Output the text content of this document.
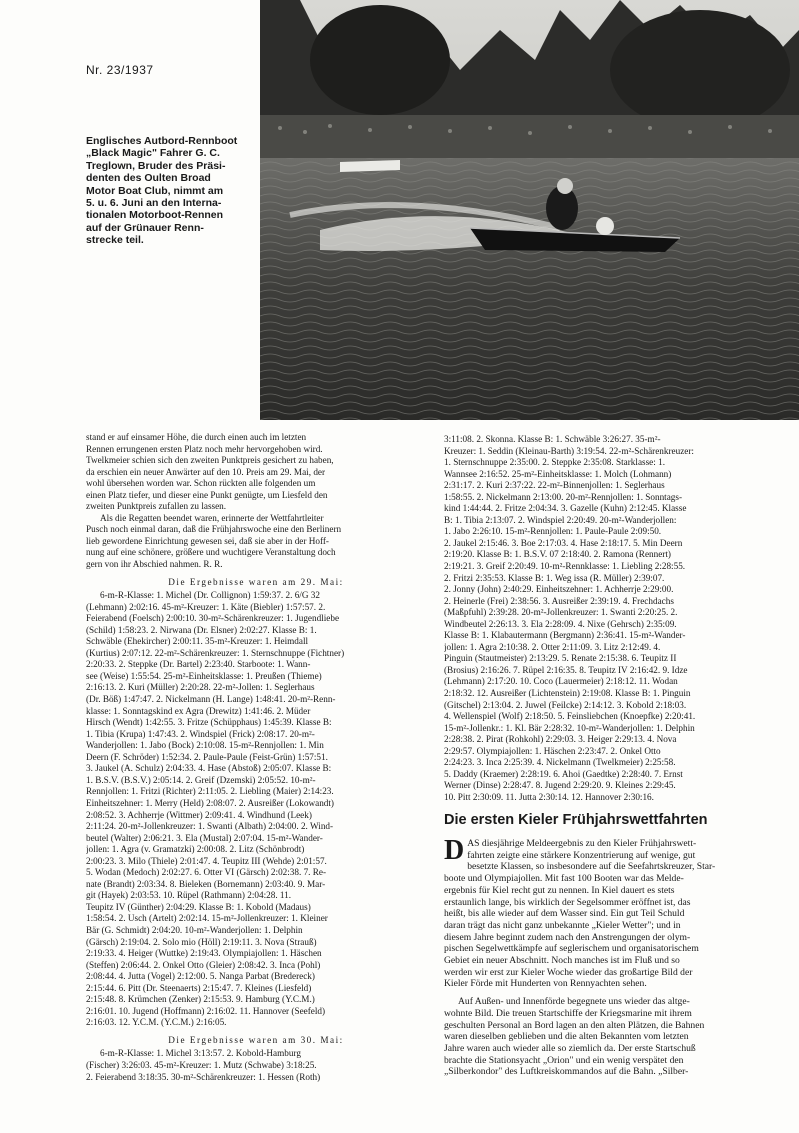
Nr. 23/1937
Englisches Autbord-Rennboot
„Black Magic" Fahrer G. C.
Treglown, Bruder des Präsi-
denten des Oulten Broad
Motor Boat Club, nimmt am
5. u. 6. Juni an den Interna-
tionalen Motorboot-Rennen
auf der Grünauer Renn-
strecke teil.
stand er auf einsamer Höhe, die durch einen auch im letzten
Rennen errungenen ersten Platz noch mehr hervorgehoben wird.
Twelkmeier schien sich den zweiten Punktpreis gesichert zu haben,
da erschien ein neuer Anwärter auf den 10. Preis am 29. Mai, der
wohl übersehen worden war. Schon rückten alle folgenden um
einen Platz tiefer, und dieser eine Punkt genügte, um Liesfeld den
zweiten Punktpreis zufallen zu lassen.
Als die Regatten beendet waren, erinnerte der Wettfahrtleiter
Pusch noch einmal daran, daß die Frühjahrswoche eine den Berlinern
lieb gewordene Einrichtung gewesen sei, daß sie aber in der Hoff-
nung auf eine schönere, größere und wuchtigere Veranstaltung doch
gern von ihr Abschied nahmen. R. R.
Die Ergebnisse waren am 29. Mai:
6-m-R-Klasse: 1. Michel (Dr. Collignon) 1:59:37. 2. 6/G 32
(Lehmann) 2:02:16. 45-m²-Kreuzer: 1. Käte (Biebler) 1:57:57. 2.
Feierabend (Foelsch) 2:00:10. 30-m²-Schärenkreuzer: 1. Jugendliebe
(Schild) 1:58:23. 2. Nirwana (Dr. Elsner) 2:02:27. Klasse B: 1.
Schwäble (Ehekircher) 2:00:11. 35-m²-Kreuzer: 1. Heimdall
(Kurtius) 2:07:12. 22-m²-Schärenkreuzer: 1. Sternschnuppe (Fichtner)
2:20:33. 2. Steppke (Dr. Bartel) 2:23:40. Starboote: 1. Wann-
see (Weise) 1:55:54. 25-m²-Einheitsklasse: 1. Preußen (Thieme)
2:16:13. 2. Kuri (Müller) 2:20:28. 22-m²-Jollen: 1. Seglerhaus
(Dr. Böß) 1:47:47. 2. Nickelmann (H. Lange) 1:48:41. 20-m²-Renn-
klasse: 1. Sonntagskind ex Agra (Drewitz) 1:41:46. 2. Müder
Hirsch (Wendt) 1:42:55. 3. Fritze (Schüpphaus) 1:45:39. Klasse B:
1. Tibia (Krupa) 1:47:43. 2. Windspiel (Frick) 2:08:17. 20-m²-
Wanderjollen: 1. Jabo (Bock) 2:10:08. 15-m²-Rennjollen: 1. Min
Deern (F. Schröder) 1:52:34. 2. Paule-Paule (Feist-Grün) 1:57:51.
3. Jaukel (A. Schulz) 2:04:33. 4. Hase (Abstoß) 2:05:07. Klasse B:
1. B.S.V. (B.S.V.) 2:05:14. 2. Greif (Dzemski) 2:05:52. 10-m²-
Rennjollen: 1. Fritzi (Richter) 2:11:05. 2. Liebling (Maier) 2:14:23.
Einheitszehner: 1. Merry (Held) 2:08:07. 2. Ausreißer (Lokowandt)
2:08:52. 3. Achherrje (Wittmer) 2:09:41. 4. Windhund (Leek)
2:11:24. 20-m²-Jollenkreuzer: 1. Swanti (Albath) 2:04:00. 2. Wind-
beutel (Walter) 2:06:21. 3. Ela (Mustal) 2:07:04. 15-m²-Wander-
jollen: 1. Agra (v. Gramatzki) 2:00:08. 2. Litz (Schönbrodt)
2:00:23. 3. Milo (Thiele) 2:01:47. 4. Teupitz III (Wehde) 2:01:57.
5. Wodan (Medoch) 2:02:27. 6. Otter VI (Gärsch) 2:02:38. 7. Re-
nate (Brandt) 2:03:34. 8. Bieleken (Bornemann) 2:03:40. 9. Mar-
git (Hayek) 2:03:53. 10. Rüpel (Rathmann) 2:04:28. 11.
Teupitz IV (Günther) 2:04:29. Klasse B: 1. Kobold (Madaus)
1:58:54. 2. Usch (Artelt) 2:02:14. 15-m²-Jollenkreuzer: 1. Kleiner
Bär (G. Schmidt) 2:04:20. 10-m²-Wanderjollen: 1. Delphin
(Gärsch) 2:19:04. 2. Solo mio (Höll) 2:19:11. 3. Nova (Strauß)
2:19:33. 4. Heiger (Wuttke) 2:19:43. Olympiajollen: 1. Häschen
(Steffen) 2:06:44. 2. Onkel Otto (Gleier) 2:08:42. 3. Inca (Pohl)
2:08:44. 4. Jutta (Vogel) 2:12:00. 5. Nanga Parbat (Bredereck)
2:15:44. 6. Pitt (Dr. Steenaerts) 2:15:47. 7. Kleines (Liesfeld)
2:15:48. 8. Krümchen (Zenker) 2:15:53. 9. Hamburg (Y.C.M.)
2:16:01. 10. Jugend (Hoffmann) 2:16:02. 11. Hannover (Seefeld)
2:16:03. 12. Y.C.M. (Y.C.M.) 2:16:05.
Die Ergebnisse waren am 30. Mai:
6-m-R-Klasse: 1. Michel 3:13:57. 2. Kobold-Hamburg
(Fischer) 3:26:03. 45-m²-Kreuzer: 1. Mutz (Schwabe) 3:18:25.
2. Feierabend 3:18:35. 30-m²-Schärenkreuzer: 1. Hessen (Roth)
3:11:08. 2. Skonna. Klasse B: 1. Schwäble 3:26:27. 35-m²-
Kreuzer: 1. Seddin (Kleinau-Barth) 3:19:54. 22-m²-Schärenkreuzer:
1. Sternschnuppe 2:35:00. 2. Steppke 2:35:08. Starklasse: 1.
Wannsee 2:16:52. 25-m²-Einheitsklasse: 1. Molch (Lohmann)
2:31:17. 2. Kuri 2:37:22. 22-m²-Binnenjollen: 1. Seglerhaus
1:58:55. 2. Nickelmann 2:13:00. 20-m²-Rennjollen: 1. Sonntags-
kind 1:44:44. 2. Fritze 2:04:34. 3. Gazelle (Kuhn) 2:12:45. Klasse
B: 1. Tibia 2:13:07. 2. Windspiel 2:20:49. 20-m²-Wanderjollen:
1. Jabo 2:26:10. 15-m²-Rennjollen: 1. Paule-Paule 2:09:50.
2. Jaukel 2:15:46. 3. Boe 2:17:03. 4. Hase 2:18:17. 5. Min Deern
2:19:20. Klasse B: 1. B.S.V. 07 2:18:40. 2. Ramona (Rennert)
2:19:21. 3. Greif 2:20:49. 10-m²-Rennklasse: 1. Liebling 2:28:55.
2. Fritzi 2:35:53. Klasse B: 1. Weg issa (R. Müller) 2:39:07.
2. Jonny (John) 2:40:29. Einheitszehner: 1. Achherrje 2:29:00.
2. Heinerle (Frei) 2:38:56. 3. Ausreißer 2:39:19. 4. Frechdachs
(Maßpfuhl) 2:39:28. 20-m²-Jollenkreuzer: 1. Swanti 2:20:25. 2.
Windbeutel 2:26:13. 3. Ela 2:28:09. 4. Nixe (Gehrsch) 2:35:09.
Klasse B: 1. Klabautermann (Bergmann) 2:36:41. 15-m²-Wander-
jollen: 1. Agra 2:10:38. 2. Otter 2:11:09. 3. Litz 2:12:49. 4.
Pinguin (Stautmeister) 2:13:29. 5. Renate 2:15:38. 6. Teupitz II
(Brosius) 2:16:26. 7. Rüpel 2:16:35. 8. Teupitz IV 2:16:42. 9. Idze
(Lehmann) 2:17:20. 10. Coco (Lauermeier) 2:18:12. 11. Wodan
2:18:32. 12. Ausreißer (Lichtenstein) 2:19:08. Klasse B: 1. Pinguin
(Gitschel) 2:13:04. 2. Juwel (Feilcke) 2:14:12. 3. Kobold 2:18:03.
4. Wellenspiel (Wolf) 2:18:50. 5. Feinsliebchen (Knoepfke) 2:20:41.
15-m²-Jollenkr.: 1. Kl. Bär 2:28:32. 10-m²-Wanderjollen: 1. Delphin
2:28:38. 2. Pirat (Rohkohl) 2:29:03. 3. Heiger 2:29:13. 4. Nova
2:29:57. Olympiajollen: 1. Häschen 2:23:47. 2. Onkel Otto
2:24:23. 3. Inca 2:25:39. 4. Nickelmann (Twelkmeier) 2:25:58.
5. Daddy (Kraemer) 2:28:19. 6. Ahoi (Gaedtke) 2:28:40. 7. Ernst
Werner (Dinse) 2:28:47. 8. Jugend 2:29:20. 9. Kleines 2:29:45.
10. Pitt 2:30:09. 11. Jutta 2:30:14. 12. Hannover 2:30:16.
Die ersten Kieler Frühjahrswettfahrten
D AS diesjährige Meldeergebnis zu den Kieler Frühjahrswett-
fahrten zeigte eine stärkere Konzentrierung auf wenige, gut
besetzte Klassen, so insbesondere auf die Seefahrtskreuzer, Star-
boote und Olympiajollen. Mit fast 100 Booten war das Melde-
ergebnis für Kiel recht gut zu nennen. In Kiel dauert es stets
erstaunlich lange, bis wirklich der Segelsommer eröffnet ist, das
heißt, bis alle wieder auf dem Wasser sind. Ein gut Teil Schuld
daran trägt das nicht ganz unbekannte „Kieler Wetter"; und in
diesem Jahre beginnt zudem nach den Anstrengungen der olym-
pischen Segelwettkämpfe auf seglerischem und organisatorischem
Gebiet ein neuer Abschnitt. Noch manches ist im Fluß und so
werden wir erst zur Kieler Woche wieder das großartige Bild der
Kieler Förde mit Hunderten von Rennyachten sehen.
Auf Außen- und Innenförde begegnete uns wieder das altge-
wohnte Bild. Die treuen Startschiffe der Kriegsmarine mit ihrem
geschulten Personal an Bord lagen an den alten Plätzen, die Bahnen
waren dieselben geblieben und die alten Bekannten vom letzten
Jahre waren auch wieder alle so ziemlich da. Der erste Startschuß
brachte die Stationsyacht „Orion" und ein wenig verspätet den
„Silberkondor" des Luftkreiskommandos auf die Bahn. „Silber-
